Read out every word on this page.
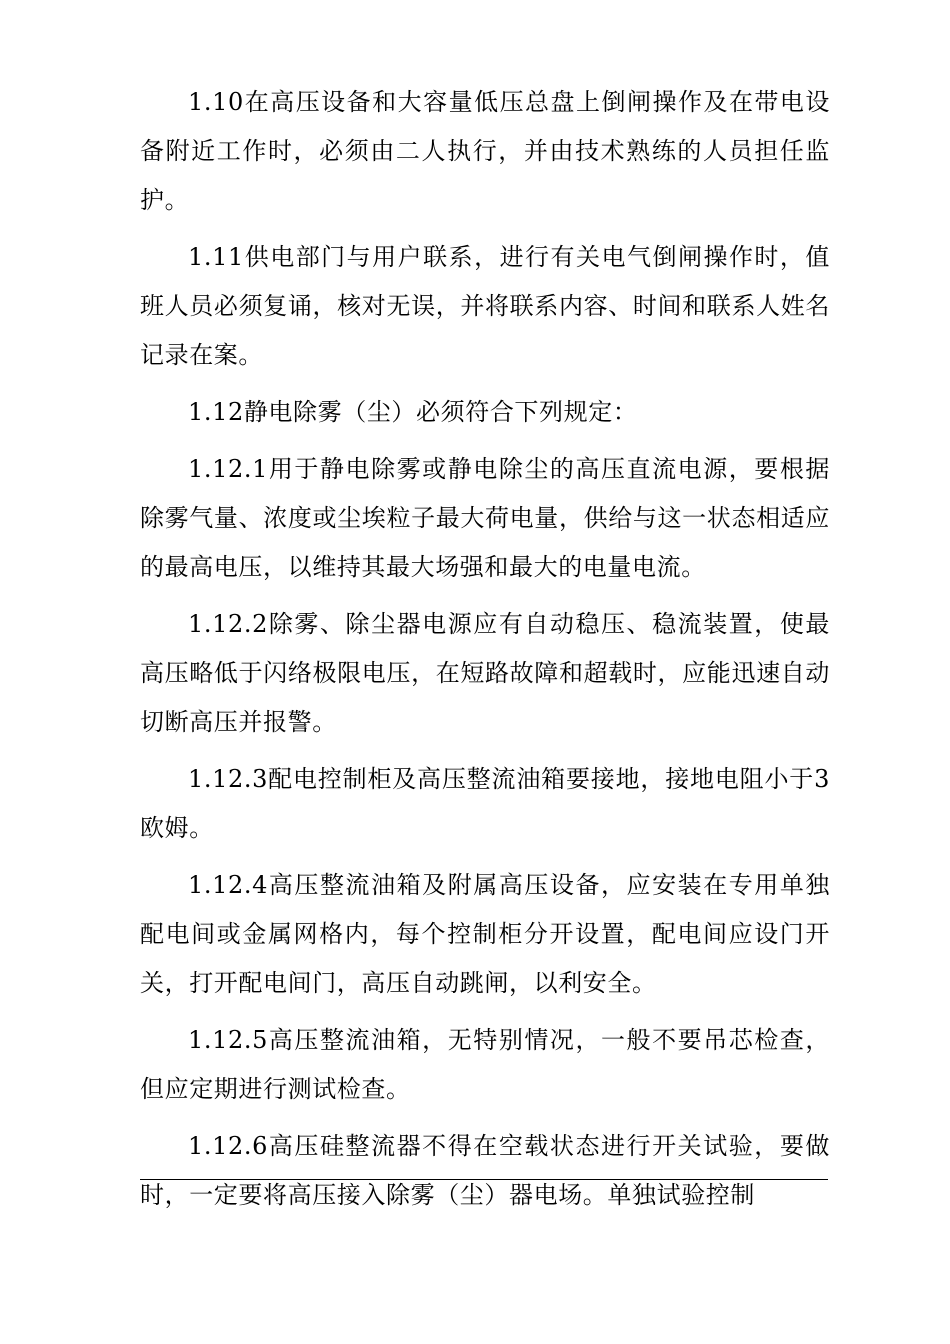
1.10在高压设备和大容量低压总盘上倒闸操作及在带电设备附近工作时，必须由二人执行，并由技术熟练的人员担任监护。

1.11供电部门与用户联系，进行有关电气倒闸操作时，值班人员必须复诵，核对无误，并将联系内容、时间和联系人姓名记录在案。

1.12静电除雾（尘）必须符合下列规定：

1.12.1用于静电除雾或静电除尘的高压直流电源，要根据除雾气量、浓度或尘埃粒子最大荷电量，供给与这一状态相适应的最高电压，以维持其最大场强和最大的电量电流。

1.12.2除雾、除尘器电源应有自动稳压、稳流装置，使最高压略低于闪络极限电压，在短路故障和超载时，应能迅速自动切断高压并报警。

1.12.3配电控制柜及高压整流油箱要接地，接地电阻小于3欧姆。

1.12.4高压整流油箱及附属高压设备，应安装在专用单独配电间或金属网格内，每个控制柜分开设置，配电间应设门开关，打开配电间门，高压自动跳闸，以利安全。

1.12.5高压整流油箱，无特别情况，一般不要吊芯检查，但应定期进行测试检查。

1.12.6高压硅整流器不得在空载状态进行开关试验，要做时，一定要将高压接入除雾（尘）器电场。单独试验控制
